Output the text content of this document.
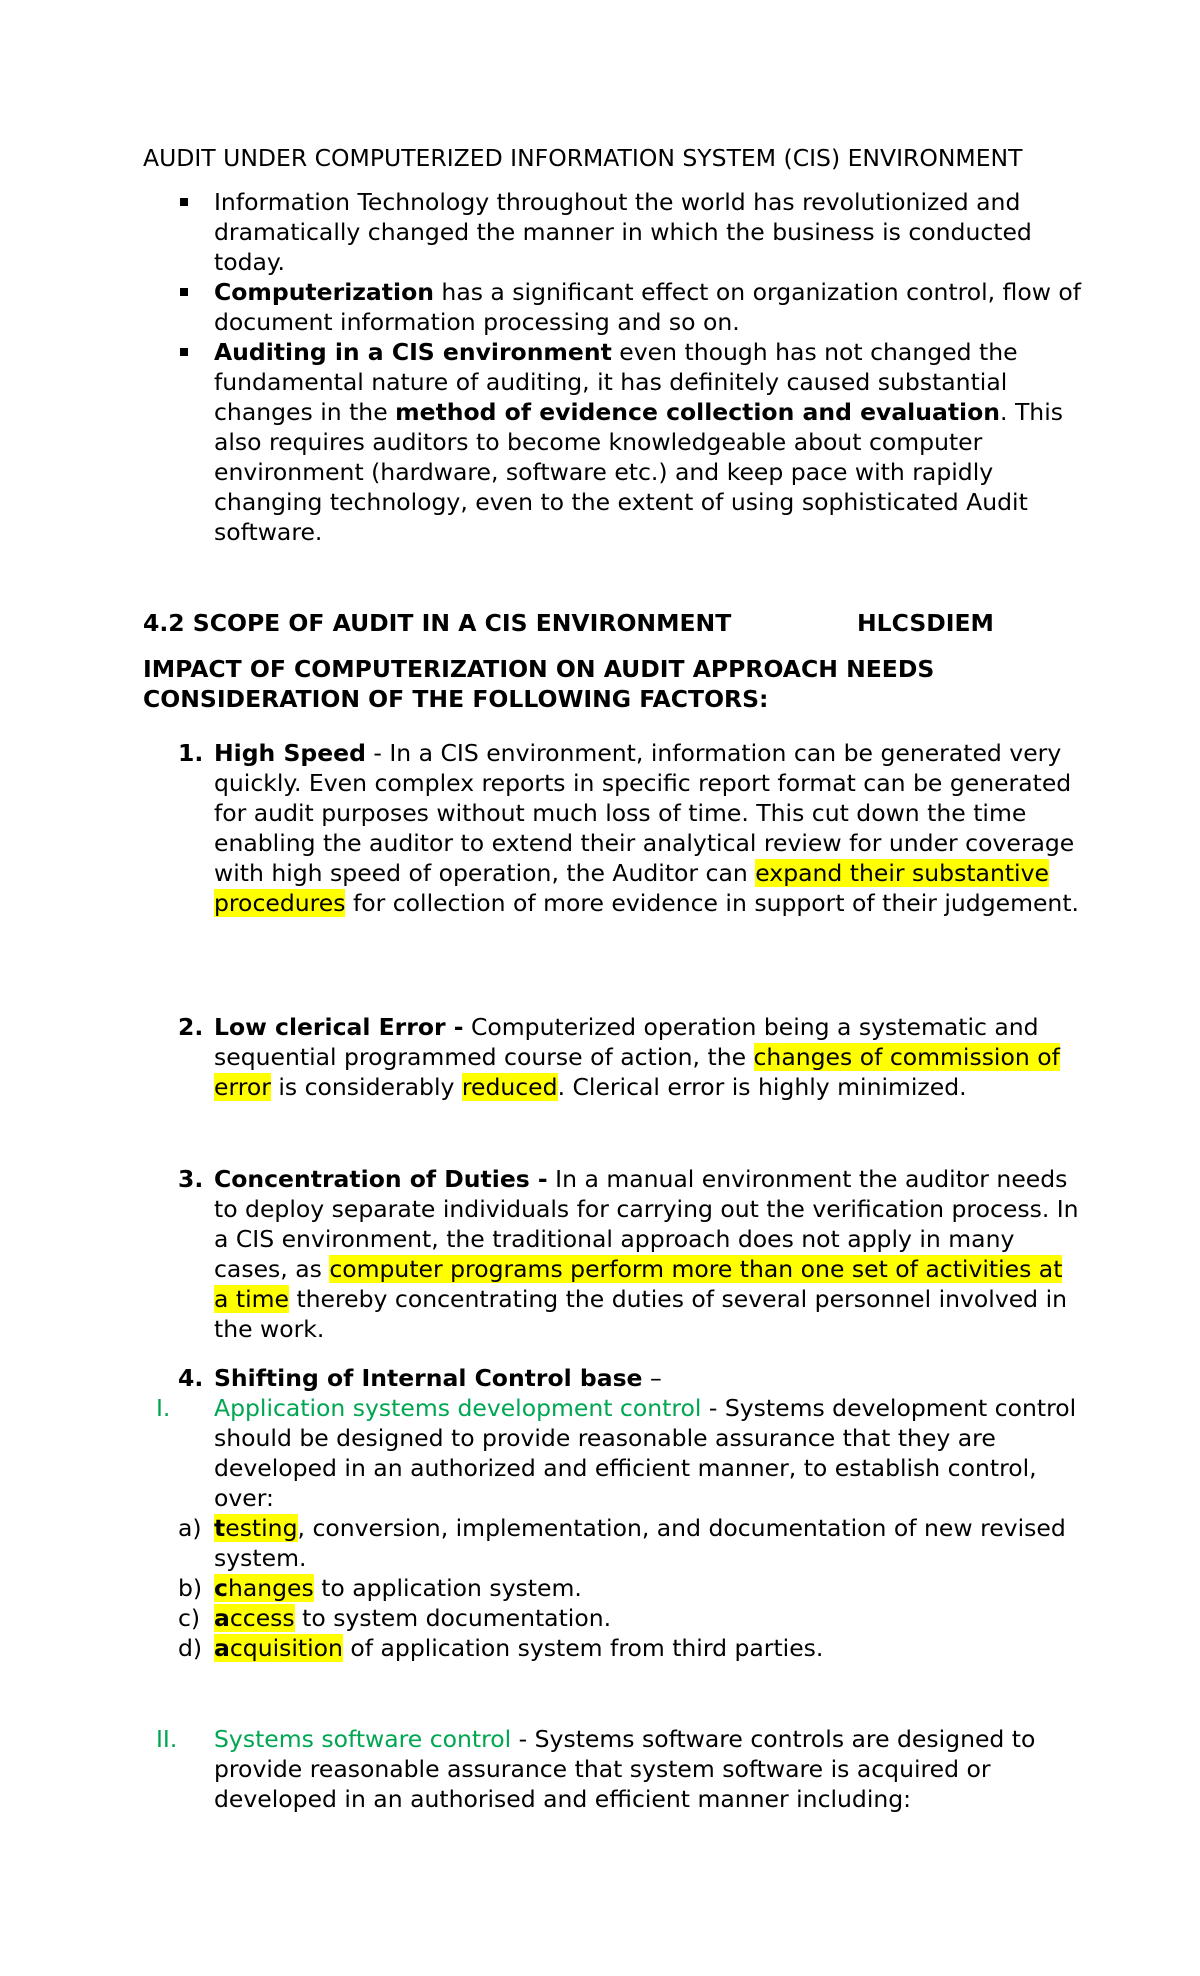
AUDIT UNDER COMPUTERIZED INFORMATION SYSTEM (CIS) ENVIRONMENT
Information Technology throughout the world has revolutionized and dramatically changed the manner in which the business is conducted today.
Computerization has a significant effect on organization control, flow of document information processing and so on.
Auditing in a CIS environment even though has not changed the fundamental nature of auditing, it has definitely caused substantial changes in the method of evidence collection and evaluation. This also requires auditors to become knowledgeable about computer environment (hardware, software etc.) and keep pace with rapidly changing technology, even to the extent of using sophisticated Audit software.
4.2 SCOPE OF AUDIT IN A CIS ENVIRONMENT	HLCSDIEM
IMPACT OF COMPUTERIZATION ON AUDIT APPROACH NEEDS CONSIDERATION OF THE FOLLOWING FACTORS:
1. High Speed - In a CIS environment, information can be generated very quickly. Even complex reports in specific report format can be generated for audit purposes without much loss of time. This cut down the time enabling the auditor to extend their analytical review for under coverage with high speed of operation, the Auditor can expand their substantive procedures for collection of more evidence in support of their judgement.
2. Low clerical Error - Computerized operation being a systematic and sequential programmed course of action, the changes of commission of error is considerably reduced. Clerical error is highly minimized.
3. Concentration of Duties - In a manual environment the auditor needs to deploy separate individuals for carrying out the verification process. In a CIS environment, the traditional approach does not apply in many cases, as computer programs perform more than one set of activities at a time thereby concentrating the duties of several personnel involved in the work.
4. Shifting of Internal Control base –
I. Application systems development control - Systems development control should be designed to provide reasonable assurance that they are developed in an authorized and efficient manner, to establish control, over:
a) testing, conversion, implementation, and documentation of new revised system.
b) changes to application system.
c) access to system documentation.
d) acquisition of application system from third parties.
II. Systems software control - Systems software controls are designed to provide reasonable assurance that system software is acquired or developed in an authorised and efficient manner including:
